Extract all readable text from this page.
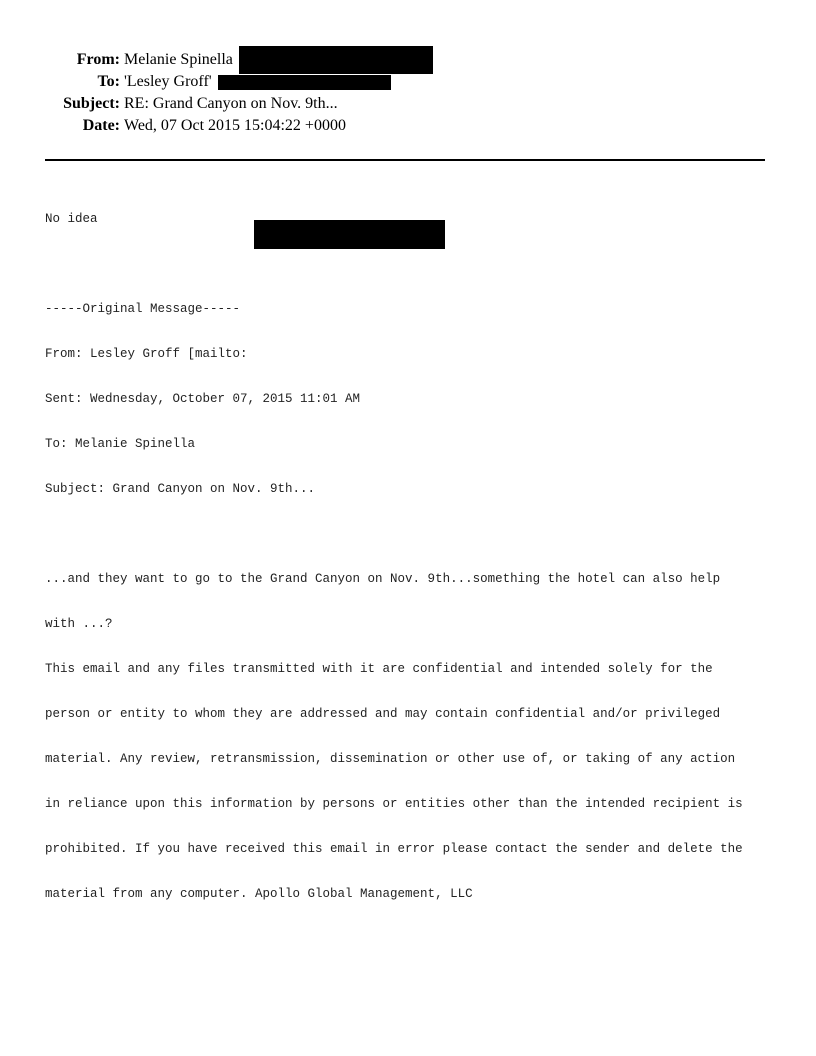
From: Melanie Spinella
To: 'Lesley Groff'
Subject: RE: Grand Canyon on Nov. 9th...
Date: Wed, 07 Oct 2015 15:04:22 +0000

No idea

-----Original Message-----

From: Lesley Groff [mailto:

Sent: Wednesday, October 07, 2015 11:01 AM

To: Melanie Spinella

Subject: Grand Canyon on Nov. 9th...

...and they want to go to the Grand Canyon on Nov. 9th...something the hotel can also help

with ...?

This email and any files transmitted with it are confidential and intended solely for the

person or entity to whom they are addressed and may contain confidential and/or privileged

material. Any review, retransmission, dissemination or other use of, or taking of any action

in reliance upon this information by persons or entities other than the intended recipient is

prohibited. If you have received this email in error please contact the sender and delete the

material from any computer. Apollo Global Management, LLC
